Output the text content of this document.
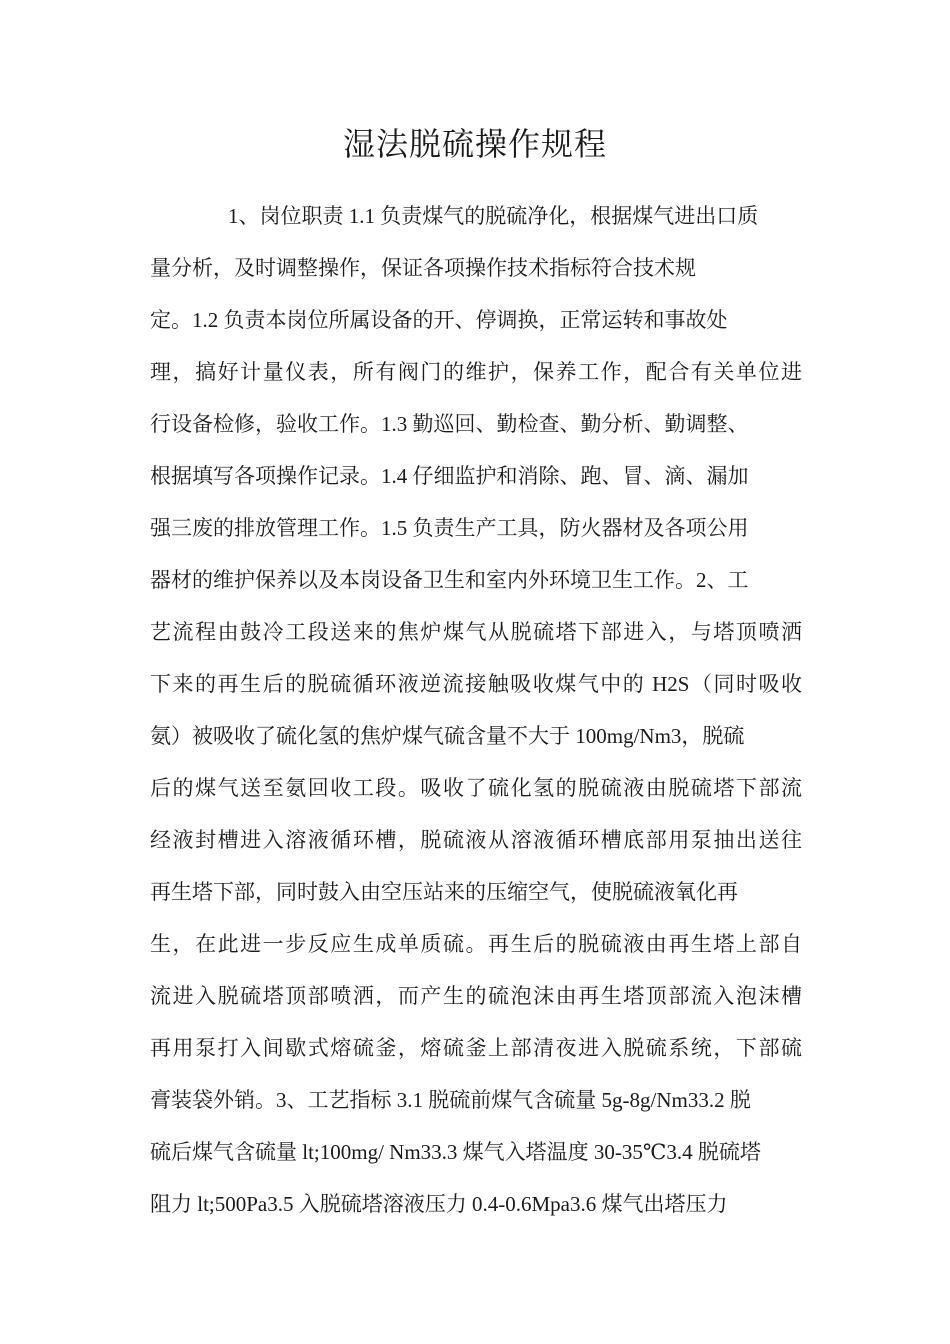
湿法脱硫操作规程
1、岗位职责 1.1 负责煤气的脱硫净化，根据煤气进出口质
量分析，及时调整操作，保证各项操作技术指标符合技术规
定。1.2 负责本岗位所属设备的开、停调换，正常运转和事故处
理，搞好计量仪表，所有阀门的维护，保养工作，配合有关单位进
行设备检修，验收工作。1.3 勤巡回、勤检查、勤分析、勤调整、
根据填写各项操作记录。1.4 仔细监护和消除、跑、冒、滴、漏加
强三废的排放管理工作。1.5 负责生产工具，防火器材及各项公用
器材的维护保养以及本岗设备卫生和室内外环境卫生工作。2、工
艺流程由鼓冷工段送来的焦炉煤气从脱硫塔下部进入，与塔顶喷洒
下来的再生后的脱硫循环液逆流接触吸收煤气中的 H2S（同时吸收
氨）被吸收了硫化氢的焦炉煤气硫含量不大于 100mg/Nm3，脱硫
后的煤气送至氨回收工段。吸收了硫化氢的脱硫液由脱硫塔下部流
经液封槽进入溶液循环槽，脱硫液从溶液循环槽底部用泵抽出送往
再生塔下部，同时鼓入由空压站来的压缩空气，使脱硫液氧化再
生，在此进一步反应生成单质硫。再生后的脱硫液由再生塔上部自
流进入脱硫塔顶部喷洒，而产生的硫泡沫由再生塔顶部流入泡沫槽
再用泵打入间歇式熔硫釜，熔硫釜上部清夜进入脱硫系统，下部硫
膏装袋外销。3、工艺指标 3.1 脱硫前煤气含硫量 5g-8g/Nm33.2 脱
硫后煤气含硫量 lt;100mg/ Nm33.3 煤气入塔温度 30-35℃3.4 脱硫塔
阻力 lt;500Pa3.5 入脱硫塔溶液压力 0.4-0.6Mpa3.6 煤气出塔压力
